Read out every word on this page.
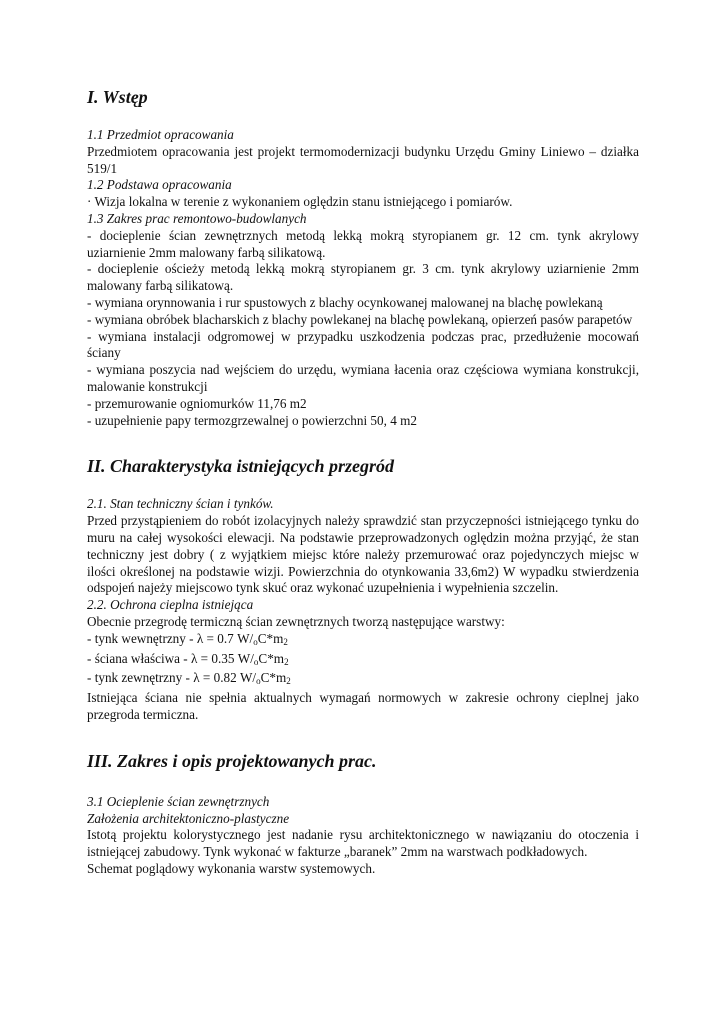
I. Wstęp
1.1 Przedmiot opracowania
Przedmiotem opracowania jest projekt termomodernizacji budynku Urzędu Gminy Liniewo – działka 519/1
1.2 Podstawa opracowania
· Wizja lokalna w terenie z wykonaniem oględzin stanu istniejącego i pomiarów.
1.3 Zakres prac remontowo-budowlanych
- docieplenie ścian zewnętrznych metodą lekką mokrą styropianem gr. 12 cm. tynk akrylowy uziarnienie 2mm malowany farbą silikatową.
- docieplenie ościeży metodą lekką mokrą styropianem gr. 3 cm. tynk akrylowy uziarnienie 2mm malowany farbą silikatową.
- wymiana orynnowania i rur spustowych z blachy ocynkowanej malowanej na blachę powlekaną
- wymiana obróbek blacharskich z blachy powlekanej na blachę powlekaną, opierzeń pasów parapetów
- wymiana instalacji odgromowej w przypadku uszkodzenia podczas prac, przedłużenie mocowań ściany
- wymiana poszycia nad wejściem do urzędu, wymiana łacenia oraz częściowa wymiana konstrukcji, malowanie konstrukcji
- przemurowanie ogniomurków 11,76 m2
- uzupełnienie papy termozgrzewalnej o powierzchni 50, 4 m2
II. Charakterystyka istniejących przegród
2.1. Stan techniczny ścian i tynków.
Przed przystąpieniem do robót izolacyjnych należy sprawdzić stan przyczepności istniejącego tynku do muru na całej wysokości elewacji. Na podstawie przeprowadzonych oględzin można przyjąć, że stan techniczny jest dobry ( z wyjątkiem miejsc które należy przemurować oraz pojedynczych miejsc w ilości określonej na podstawie wizji. Powierzchnia do otynkowania 33,6m2) W wypadku stwierdzenia odspojeń najeży miejscowo tynk skuć oraz wykonać uzupełnienia i wypełnienia szczelin.
2.2. Ochrona cieplna istniejąca
Obecnie przegrodę termiczną ścian zewnętrznych tworzą następujące warstwy:
- tynk wewnętrzny - λ = 0.7 W/oC*m2
- ściana właściwa - λ = 0.35 W/oC*m2
- tynk zewnętrzny - λ = 0.82 W/oC*m2
Istniejąca ściana nie spełnia aktualnych wymagań normowych w zakresie ochrony cieplnej jako przegroda termiczna.
III. Zakres i opis projektowanych prac.
3.1 Ocieplenie ścian zewnętrznych
Założenia architektoniczno-plastyczne
Istotą projektu kolorystycznego jest nadanie rysu architektonicznego w nawiązaniu do otoczenia i istniejącej zabudowy. Tynk wykonać w fakturze „baranek” 2mm na warstwach podkładowych.
Schemat poglądowy wykonania warstw systemowych.
